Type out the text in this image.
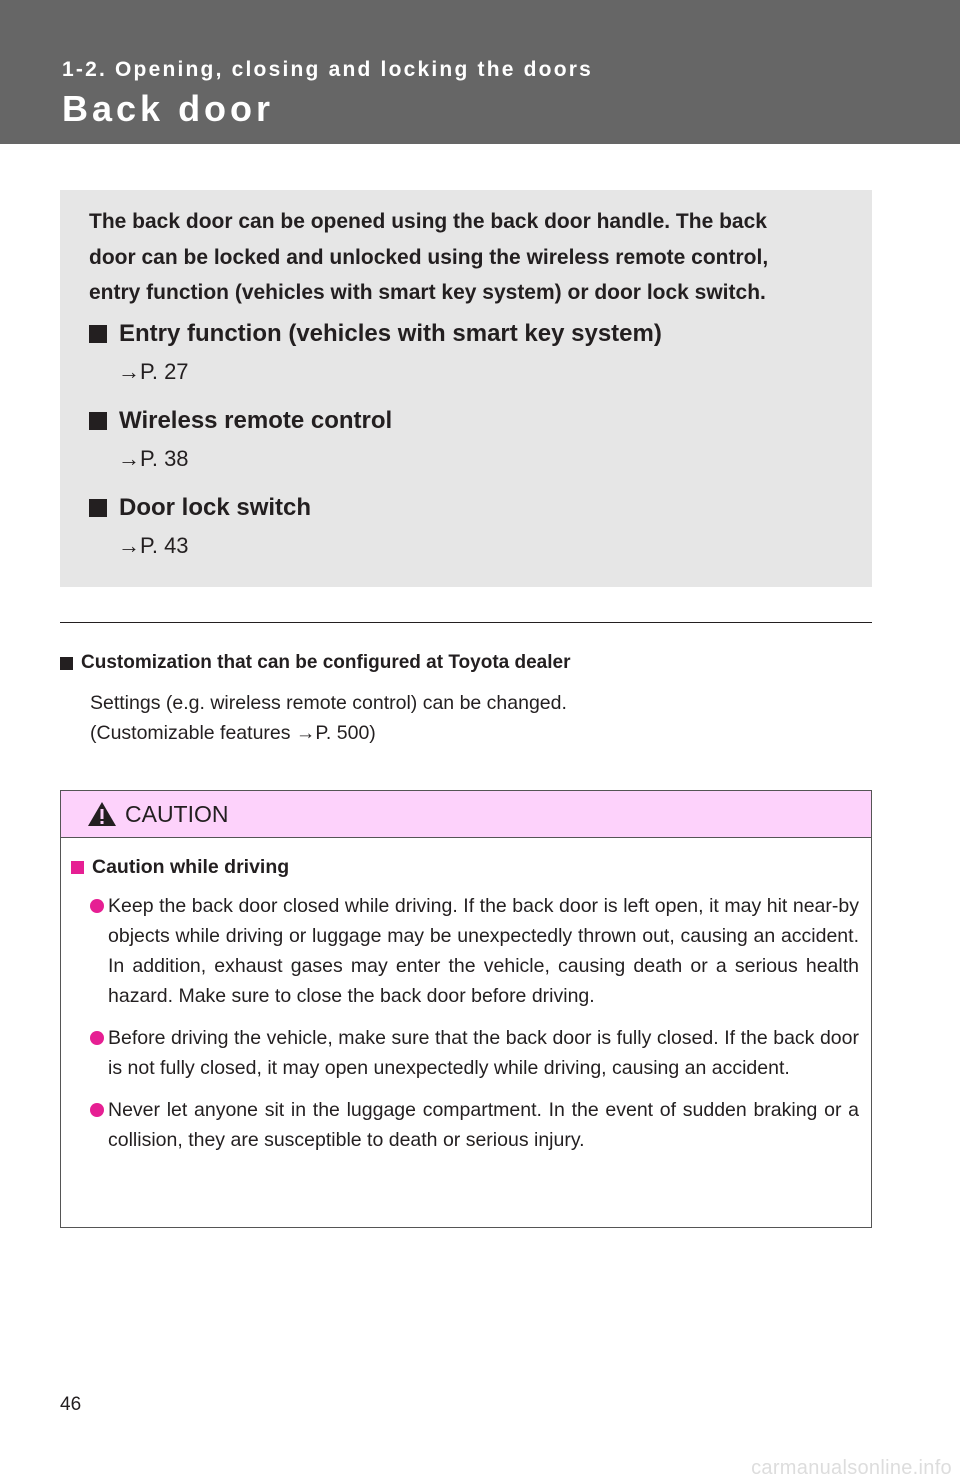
1-2. Opening, closing and locking the doors
Back door

The back door can be opened using the back door handle. The back
door can be locked and unlocked using the wireless remote control,
entry function (vehicles with smart key system) or door lock switch.

Entry function (vehicles with smart key system)
→P. 27
Wireless remote control
→P. 38
Door lock switch
→P. 43
Customization that can be configured at Toyota dealer
Settings (e.g. wireless remote control) can be changed.
(Customizable features →P. 500)
CAUTION
Caution while driving
Keep the back door closed while driving. If the back door is left open, it may hit near-by objects while driving or luggage may be unexpectedly thrown out, causing an accident. In addition, exhaust gases may enter the vehicle, causing death or a serious health hazard. Make sure to close the back door before driving.
Before driving the vehicle, make sure that the back door is fully closed. If the back door is not fully closed, it may open unexpectedly while driving, causing an accident.
Never let anyone sit in the luggage compartment. In the event of sudden braking or a collision, they are susceptible to death or serious injury.
46
carmanualsonline.info
